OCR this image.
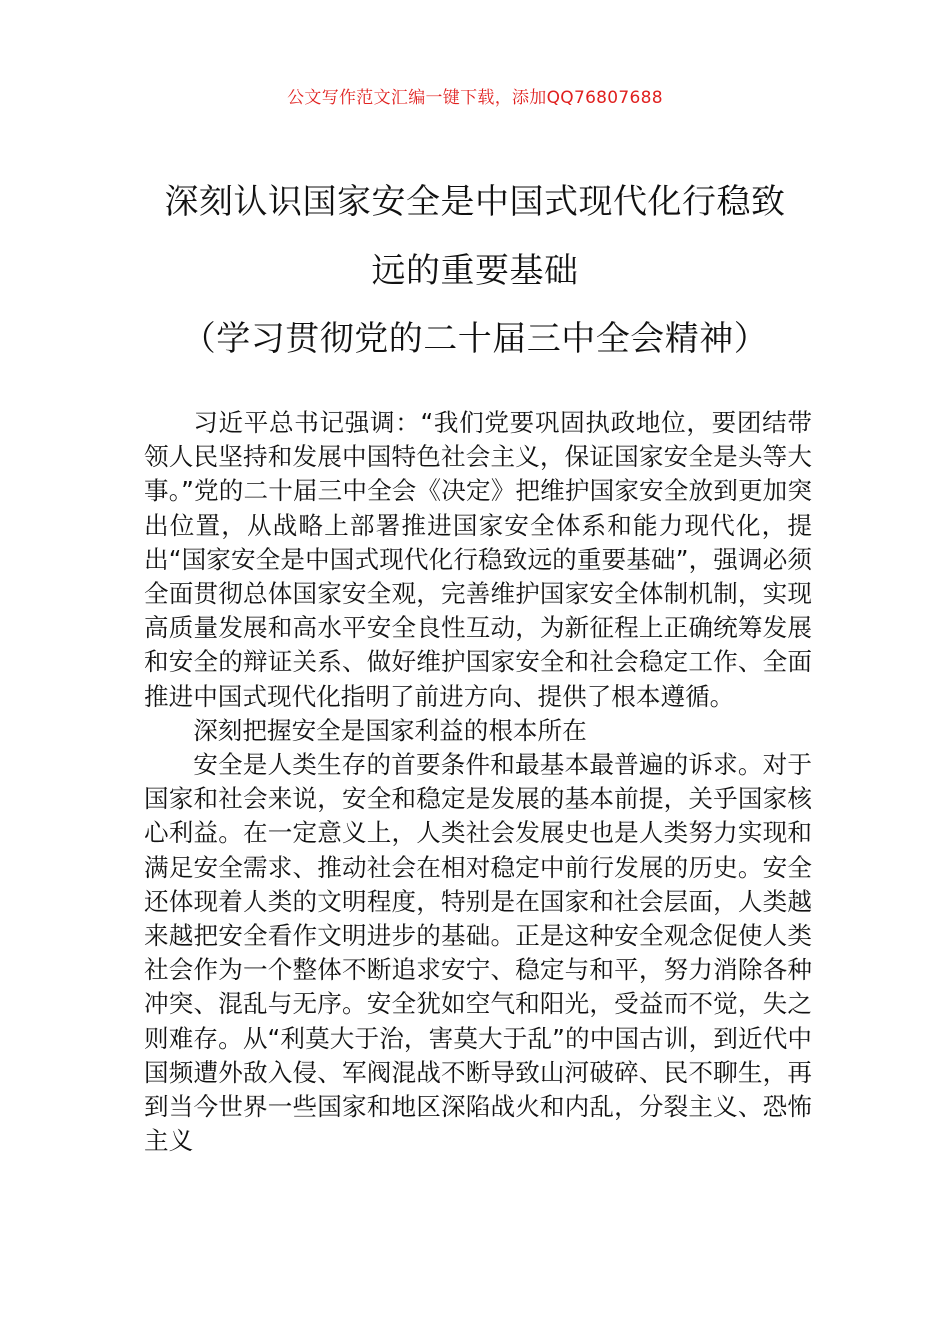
公文写作范文汇编一键下载，添加QQ76807688
深刻认识国家安全是中国式现代化行稳致
远的重要基础
（学习贯彻党的二十届三中全会精神）

习近平总书记强调：“我们党要巩固执政地位，要团结带领人民坚持和发展中国特色社会主义，保证国家安全是头等大事。”党的二十届三中全会《决定》把维护国家安全放到更加突出位置，从战略上部署推进国家安全体系和能力现代化，提出“国家安全是中国式现代化行稳致远的重要基础”，强调必须全面贯彻总体国家安全观，完善维护国家安全体制机制，实现高质量发展和高水平安全良性互动，为新征程上正确统筹发展和安全的辩证关系、做好维护国家安全和社会稳定工作、全面推进中国式现代化指明了前进方向、提供了根本遵循。

深刻把握安全是国家利益的根本所在

安全是人类生存的首要条件和最基本最普遍的诉求。对于国家和社会来说，安全和稳定是发展的基本前提，关乎国家核心利益。在一定意义上，人类社会发展史也是人类努力实现和满足安全需求、推动社会在相对稳定中前行发展的历史。安全还体现着人类的文明程度，特别是在国家和社会层面，人类越来越把安全看作文明进步的基础。正是这种安全观念促使人类社会作为一个整体不断追求安宁、稳定与和平，努力消除各种冲突、混乱与无序。安全犹如空气和阳光，受益而不觉，失之则难存。从“利莫大于治，害莫大于乱”的中国古训，到近代中国频遭外敌入侵、军阀混战不断导致山河破碎、民不聊生，再到当今世界一些国家和地区深陷战火和内乱，分裂主义、恐怖主义
